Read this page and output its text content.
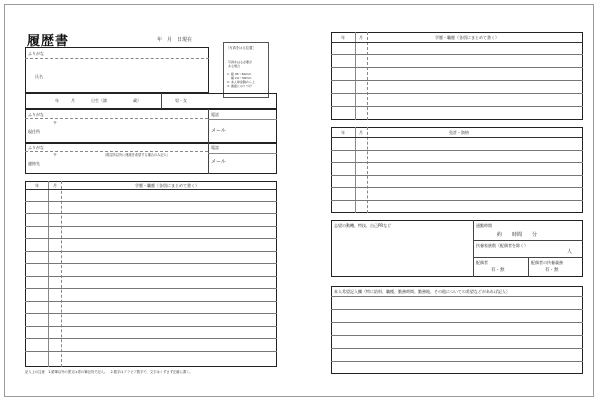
履歴書	年　月　日現在
［写真をはる位置］
写真をはる必要が
ある場合
1. 縦 36～40mm
　 横 24～30mm
2. 本人単身胸から上
3. 裏面にのりづけ
ふりがな
氏名
年	月	日生（満	歳）	男・女
ふりがな
〒
現住所
電話
メール
ふりがな
〒	（現住所以外に連絡を希望する場合のみ記入）
連絡先
電話
メール
年	月	学歴・職歴（各別にまとめて書く）
記入上の注意　1.鉛筆以外の黒又は青の筆記具で記入。　2.数字はアラビア数字で、文字はくずさず正確に書く。
年	月	学歴・職歴（各別にまとめて書く）
年	月	免許・資格
志望の動機、特技、自己PRなど	通勤時間
約　　時間　　分
扶養家族数（配偶者を除く）
人
配偶者
有・無
配偶者の扶養義務
有・無
本人希望記入欄（特に給料、職種、勤務時間、勤務地、その他についての希望などがあれば記入）
